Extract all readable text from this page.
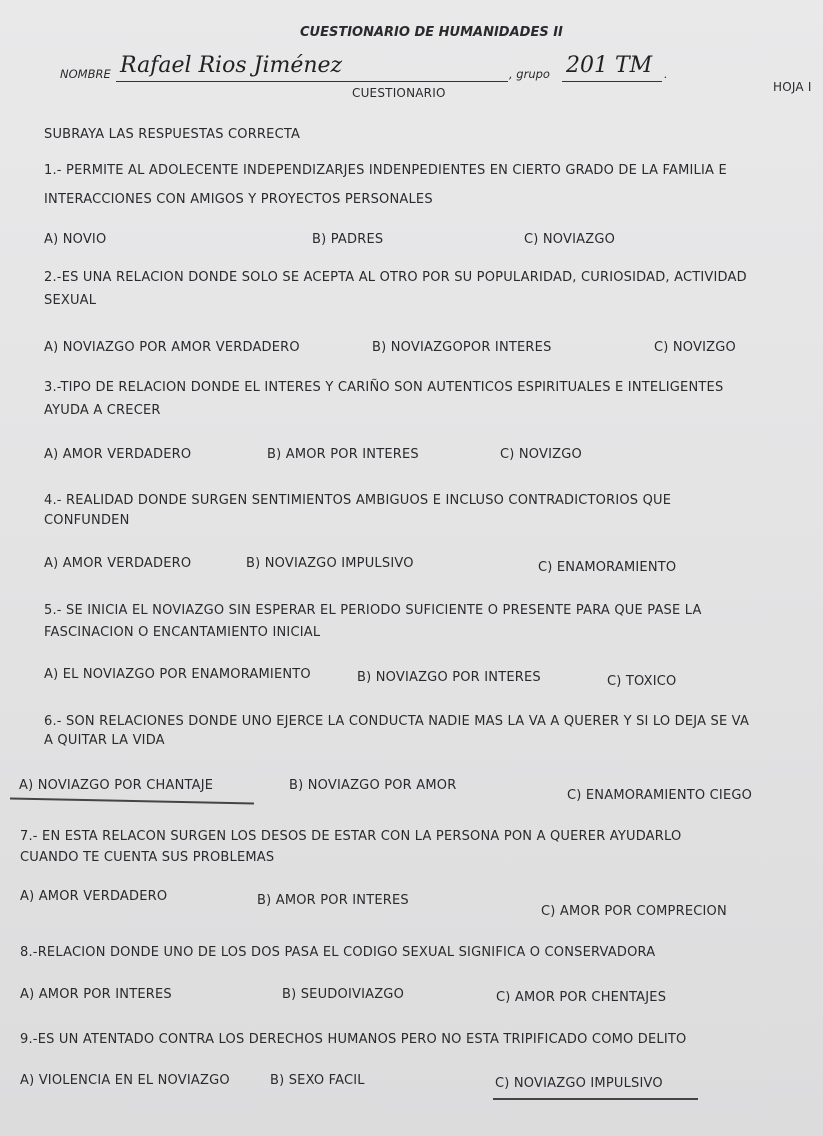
CUESTIONARIO DE HUMANIDADES II
NOMBRE Rafael Rios Jiménez	, grupo 201 TM .
CUESTIONARIO	HOJA I
SUBRAYA LAS RESPUESTAS CORRECTA
1.- PERMITE AL ADOLECENTE INDEPENDIZARJES INDENPEDIENTES EN CIERTO GRADO DE LA FAMILIA E
INTERACCIONES CON AMIGOS Y PROYECTOS PERSONALES
A) NOVIO	B) PADRES	C) NOVIAZGO
2.-ES UNA RELACION DONDE SOLO SE ACEPTA AL OTRO POR SU POPULARIDAD, CURIOSIDAD, ACTIVIDAD
SEXUAL
A) NOVIAZGO POR AMOR VERDADERO	B) NOVIAZGOPOR INTERES	C) NOVIZGO
3.-TIPO DE RELACION DONDE EL INTERES Y CARIÑO SON AUTENTICOS ESPIRITUALES E INTELIGENTES
AYUDA A CRECER
A) AMOR VERDADERO	B) AMOR POR INTERES	C) NOVIZGO
4.- REALIDAD DONDE SURGEN SENTIMIENTOS AMBIGUOS E INCLUSO CONTRADICTORIOS QUE
CONFUNDEN
A) AMOR VERDADERO	B) NOVIAZGO IMPULSIVO	C) ENAMORAMIENTO
5.- SE INICIA EL NOVIAZGO SIN ESPERAR EL PERIODO SUFICIENTE O PRESENTE PARA QUE PASE LA
FASCINACION O ENCANTAMIENTO INICIAL
A) EL NOVIAZGO POR ENAMORAMIENTO	B) NOVIAZGO POR INTERES	C) TOXICO
6.- SON RELACIONES DONDE UNO EJERCE LA CONDUCTA NADIE MAS LA VA A QUERER Y SI LO DEJA SE VA
A QUITAR LA VIDA
A) NOVIAZGO POR CHANTAJE	B) NOVIAZGO POR AMOR
C) ENAMORAMIENTO CIEGO
7.- EN ESTA RELACON SURGEN LOS DESOS DE ESTAR CON LA PERSONA PON A QUERER AYUDARLO
CUANDO TE CUENTA SUS PROBLEMAS
A) AMOR VERDADERO	B) AMOR POR INTERES
C) AMOR POR COMPRECION
8.-RELACION DONDE UNO DE LOS DOS PASA EL CODIGO SEXUAL SIGNIFICA O CONSERVADORA
A) AMOR POR INTERES	B) SEUDOIVIAZGO	C) AMOR POR CHENTAJES
9.-ES UN ATENTADO CONTRA LOS DERECHOS HUMANOS PERO NO ESTA TRIPIFICADO COMO DELITO
A) VIOLENCIA EN EL NOVIAZGO	B) SEXO FACIL	C) NOVIAZGO IMPULSIVO
